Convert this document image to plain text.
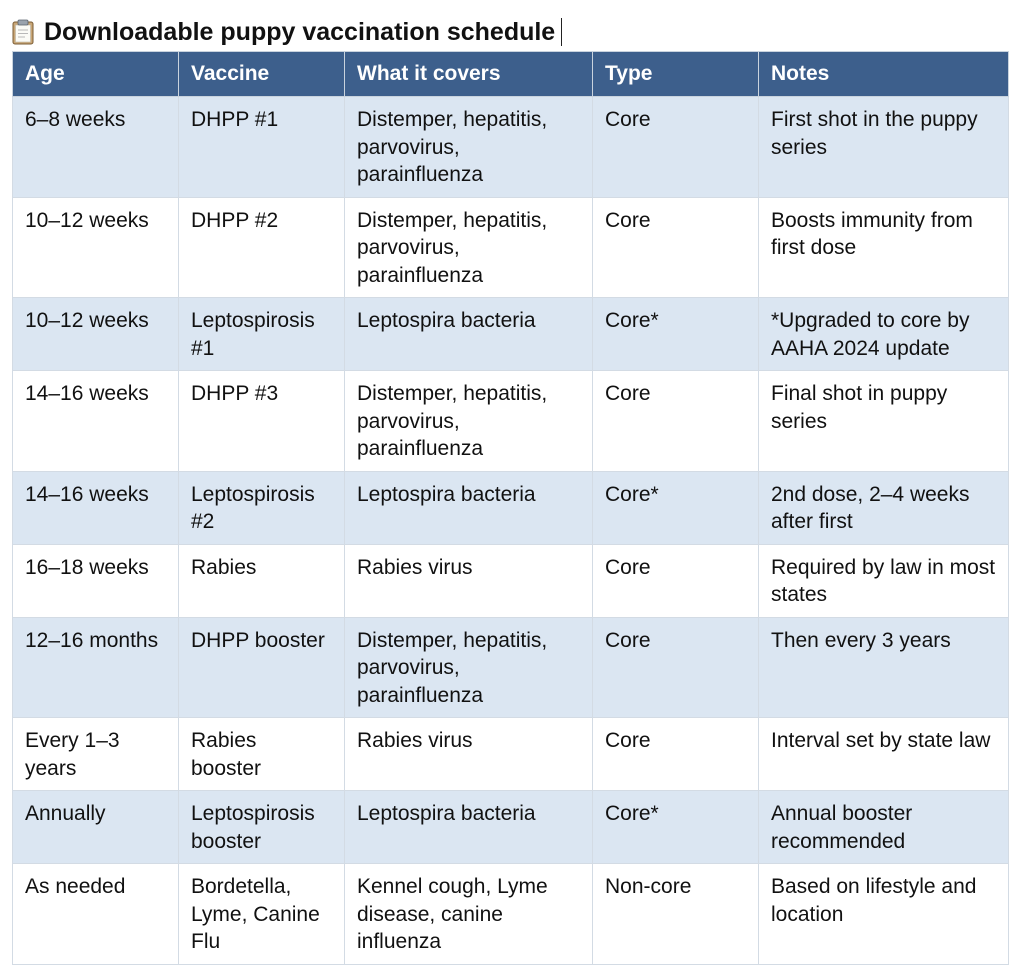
Downloadable puppy vaccination schedule
Age	Vaccine	What it covers	Type	Notes
6–8 weeks	DHPP #1	Distemper, hepatitis, parvovirus, parainfluenza	Core	First shot in the puppy series
10–12 weeks	DHPP #2	Distemper, hepatitis, parvovirus, parainfluenza	Core	Boosts immunity from first dose
10–12 weeks	Leptospirosis #1	Leptospira bacteria	Core*	*Upgraded to core by AAHA 2024 update
14–16 weeks	DHPP #3	Distemper, hepatitis, parvovirus, parainfluenza	Core	Final shot in puppy series
14–16 weeks	Leptospirosis #2	Leptospira bacteria	Core*	2nd dose, 2–4 weeks after first
16–18 weeks	Rabies	Rabies virus	Core	Required by law in most states
12–16 months	DHPP booster	Distemper, hepatitis, parvovirus, parainfluenza	Core	Then every 3 years
Every 1–3 years	Rabies booster	Rabies virus	Core	Interval set by state law
Annually	Leptospirosis booster	Leptospira bacteria	Core*	Annual booster recommended
As needed	Bordetella, Lyme, Canine Flu	Kennel cough, Lyme disease, canine influenza	Non-core	Based on lifestyle and location
